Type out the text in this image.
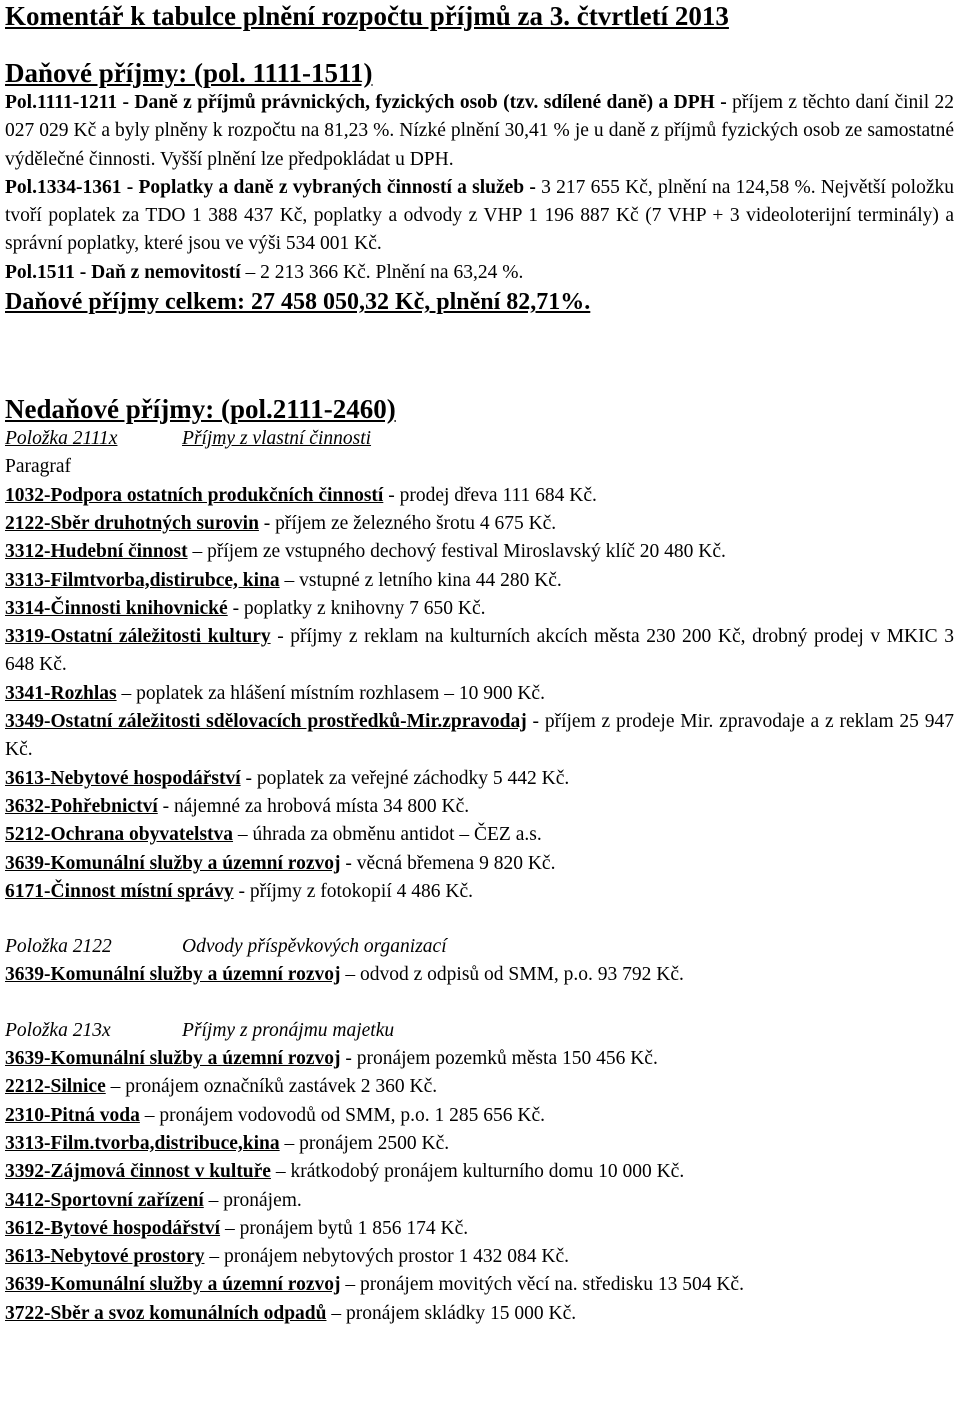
Komentář k tabulce plnění rozpočtu příjmů za 3. čtvrtletí 2013
Daňové příjmy: (pol. 1111-1511)

Pol.1111-1211 - Daně z příjmů právnických, fyzických osob (tzv. sdílené daně) a DPH - příjem z těchto daní činil 22 027 029 Kč a byly plněny k rozpočtu na 81,23 %. Nízké plnění 30,41 % je u daně z příjmů fyzických osob ze samostatné výdělečné činnosti. Vyšší plnění lze předpokládat u DPH.

Pol.1334-1361 - Poplatky a daně z vybraných činností a služeb - 3 217 655 Kč, plnění na 124,58 %. Největší položku tvoří poplatek za TDO 1 388 437 Kč, poplatky a odvody z VHP 1 196 887 Kč (7 VHP + 3 videoloterijní terminály) a správní poplatky, které jsou ve výši 534 001 Kč.

Pol.1511 - Daň z nemovitostí – 2 213 366 Kč. Plnění na 63,24 %.

Daňové příjmy celkem: 27 458 050,32 Kč, plnění 82,71%.

Nedaňové příjmy: (pol.2111-2460)

Položka 2111x	Příjmy z vlastní činnosti

Paragraf

1032-Podpora ostatních produkčních činností - prodej dřeva 111 684 Kč.

2122-Sběr druhotných surovin - příjem ze železného šrotu 4 675 Kč.

3312-Hudební činnost – příjem ze vstupného dechový festival Miroslavský klíč 20 480 Kč.

3313-Filmtvorba,distirubce, kina – vstupné z letního kina 44 280 Kč.

3314-Činnosti knihovnické - poplatky z knihovny 7 650 Kč.

3319-Ostatní záležitosti kultury - příjmy z reklam na kulturních akcích města 230 200 Kč, drobný prodej v MKIC 3 648 Kč.

3341-Rozhlas – poplatek za hlášení místním rozhlasem – 10 900 Kč.

3349-Ostatní záležitosti sdělovacích prostředků-Mir.zpravodaj - příjem z prodeje Mir. zpravodaje a z reklam 25 947 Kč.

3613-Nebytové hospodářství - poplatek za veřejné záchodky 5 442 Kč.

3632-Pohřebnictví - nájemné za hrobová místa 34 800 Kč.

5212-Ochrana obyvatelstva – úhrada za obměnu antidot – ČEZ a.s.

3639-Komunální služby a územní rozvoj - věcná břemena 9 820 Kč.

6171-Činnost místní správy - příjmy z fotokopií 4 486 Kč.

Položka 2122	Odvody příspěvkových organizací

3639-Komunální služby a územní rozvoj – odvod z odpisů od SMM, p.o. 93 792 Kč.

Položka 213x	Příjmy z pronájmu majetku

3639-Komunální služby a územní rozvoj - pronájem pozemků města 150 456 Kč.

2212-Silnice – pronájem označníků zastávek 2 360 Kč.

2310-Pitná voda – pronájem vodovodů od SMM, p.o. 1 285 656 Kč.

3313-Film.tvorba,distribuce,kina – pronájem 2500 Kč.

3392-Zájmová činnost v kultuře – krátkodobý pronájem kulturního domu 10 000 Kč.

3412-Sportovní zařízení – pronájem.

3612-Bytové hospodářství – pronájem bytů 1 856 174 Kč.

3613-Nebytové prostory – pronájem nebytových prostor 1 432 084 Kč.

3639-Komunální služby a územní rozvoj – pronájem movitých věcí na. středisku 13 504 Kč.

3722-Sběr a svoz komunálních odpadů – pronájem skládky 15 000 Kč.
